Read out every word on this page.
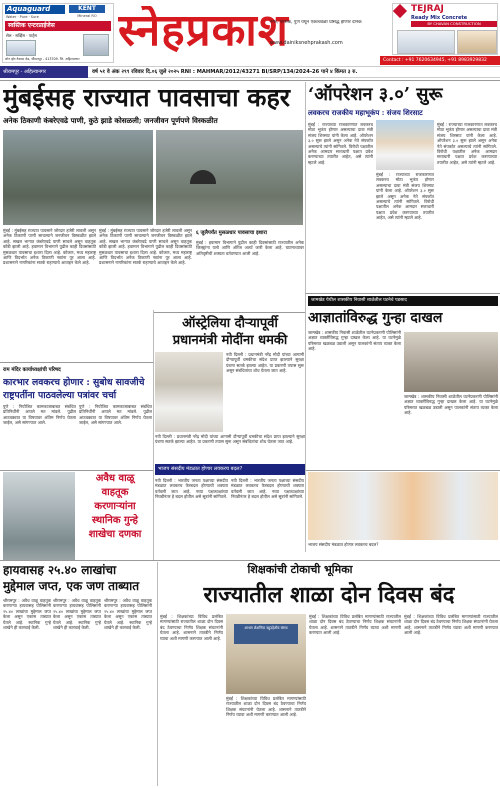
Aquaguard
Water · Pure · Sure
KENT
Mineral RO
स्वस्तिक एन्टरप्राईजेस
सेल · सर्व्हिस · पार्ट्स
लोन व्हॅन नेवासा रोड, श्रीरामपूर - 413709. जि. अहिल्यानगर
स्नेहप्रकाश
नगर, नाशिक, पुणे येथून एकाचवेळी प्रसिद्ध होणारे दैनिक
www.dainiksnehprakash.com
TEJRAJ
Ready Mix Concrete
BY CHAVAN CONSTRUCTION
Contact : +91 7620634945, +91 8983929832
श्रीरामपूर - अहिल्यानगर	वर्ष ५१ वे अंक २९९ रविवार दि.०६ जुले २०२५ RNI : MAHMAR/2012/43271 BI/SRP/134/2024-26 पाने ४ किंमत ३ रु.
मुंबईसह राज्यात पावसाचा कहर
अनेक ठिकाणी कंबरेएवढे पाणी, कुठे झाडे कोसळली; जनजीवन पूर्णपणे विस्कळीत
मुंबई : मुंबईसह राज्यात पावसाने जोरदार हजेरी लावली असून अनेक ठिकाणी पाणी साचल्याने जनजीवन विस्कळीत झाले आहे. सखल भागात कंबरेएवढे पाणी साचले असून वाहतूक कोंडी झाली आहे. हवामान विभागाने पुढील काही दिवसांसाठी मुसळधार पावसाचा इशारा दिला आहे. कोकण, मध्य महाराष्ट्र आणि विदर्भात अनेक ठिकाणी नद्यांना पूर आला आहे. प्रशासनाने नागरिकांना सतर्क राहण्याचे आवाहन केले आहे.
मुंबई : मुंबईसह राज्यात पावसाने जोरदार हजेरी लावली असून अनेक ठिकाणी पाणी साचल्याने जनजीवन विस्कळीत झाले आहे. सखल भागात कंबरेएवढे पाणी साचले असून वाहतूक कोंडी झाली आहे. हवामान विभागाने पुढील काही दिवसांसाठी मुसळधार पावसाचा इशारा दिला आहे. कोकण, मध्य महाराष्ट्र आणि विदर्भात अनेक ठिकाणी नद्यांना पूर आला आहे. प्रशासनाने नागरिकांना सतर्क राहण्याचे आवाहन केले आहे.
६ जुलैपर्यंत मुसळधार पावसाचा इशारा
मुंबई : हवामान विभागाने पुढील काही दिवसांसाठी राज्यातील अनेक जिल्ह्यांना यलो आणि ऑरेंज अलर्ट जारी केला आहे. घाटमाथ्यावर अतिवृष्टीची शक्यता वर्तवण्यात आली आहे.
‘ऑपरेशन ३.०’ सुरू
लवकरच राजकीय महाभूकंप : संजय शिरसाट
मुंबई : राज्याच्या राजकारणात लवकरच मोठा भूकंप होणार असल्याचा दावा मंत्री संजय शिरसाट यांनी केला आहे. ऑपरेशन ३.० सुरू झाले असून अनेक नेते संपर्कात असल्याचे त्यांनी सांगितले. विरोधी पक्षातील अनेक आमदार सत्ताधारी पक्षात प्रवेश करण्याच्या तयारीत आहेत, असे त्यांनी म्हटले आहे.
मुंबई : राज्याच्या राजकारणात लवकरच मोठा भूकंप होणार असल्याचा दावा मंत्री संजय शिरसाट यांनी केला आहे. ऑपरेशन ३.० सुरू झाले असून अनेक नेते संपर्कात असल्याचे त्यांनी सांगितले. विरोधी पक्षातील अनेक आमदार सत्ताधारी पक्षात प्रवेश करण्याच्या तयारीत आहेत, असे त्यांनी म्हटले आहे.
मुंबई : राज्याच्या राजकारणात लवकरच मोठा भूकंप होणार असल्याचा दावा मंत्री संजय शिरसाट यांनी केला आहे. ऑपरेशन ३.० सुरू झाले असून अनेक नेते संपर्कात असल्याचे त्यांनी सांगितले. विरोधी पक्षातील अनेक आमदार सत्ताधारी पक्षात प्रवेश करण्याच्या तयारीत आहेत, असे त्यांनी म्हटले आहे.
जामखेड येथील शासकीय निवासी शाळेतील घटनेचे पडसाद
आज्ञातांविरुद्ध गुन्हा दाखल
जामखेड : शासकीय निवासी शाळेतील घटनेप्रकरणी पोलिसांनी अज्ञात व्यक्तींविरुद्ध गुन्हा दाखल केला आहे. या घटनेमुळे परिसरात खळबळ उडाली असून पालकांनी संताप व्यक्त केला आहे.
जामखेड : शासकीय निवासी शाळेतील घटनेप्रकरणी पोलिसांनी अज्ञात व्यक्तींविरुद्ध गुन्हा दाखल केला आहे. या घटनेमुळे परिसरात खळबळ उडाली असून पालकांनी संताप व्यक्त केला आहे.
ऑस्ट्रेलिया दौऱ्यापूर्वी
प्रधानमंत्री मोदींना धमकी
नवी दिल्ली : प्रधानमंत्री नरेंद्र मोदी यांच्या आगामी दौऱ्यापूर्वी धमकीचा संदेश प्राप्त झाल्याने सुरक्षा यंत्रणा सतर्क झाल्या आहेत. या प्रकरणी तपास सुरू असून संबंधितांचा शोध घेतला जात आहे.
राम मंदिर कार्याध्यक्षांची परिषद
कारभार लवकरच होणार : सुबोध सावजीचे
राष्ट्रपतींना पाठवलेल्या पत्रांवर चर्चा
पुणे : नियोजित कामकाजाबाबत संबंधित प्रतिनिधींनी आपले मत मांडले. पुढील आठवड्यात या विषयावर अंतिम निर्णय घेतला जाईल, असे सांगण्यात आले.
पुणे : नियोजित कामकाजाबाबत संबंधित प्रतिनिधींनी आपले मत मांडले. पुढील आठवड्यात या विषयावर अंतिम निर्णय घेतला जाईल, असे सांगण्यात आले.
अवैध वाळू
वाहतूक
करणाऱ्यांना
स्थानिक गुन्हे
शाखेचा दणका
नवी दिल्ली : प्रधानमंत्री नरेंद्र मोदी यांच्या आगामी दौऱ्यापूर्वी धमकीचा संदेश प्राप्त झाल्याने सुरक्षा यंत्रणा सतर्क झाल्या आहेत. या प्रकरणी तपास सुरू असून संबंधितांचा शोध घेतला जात आहे.
भाजप संसदीय मंडळात होणार लवकरच बदल?
नवी दिल्ली : भारतीय जनता पक्षाच्या संसदीय मंडळात लवकरच फेरबदल होण्याची शक्यता वर्तवली जात आहे. नव्या पक्षाध्यक्षांच्या निवडीनंतर हे बदल होतील असे सूत्रांनी सांगितले.
नवी दिल्ली : भारतीय जनता पक्षाच्या संसदीय मंडळात लवकरच फेरबदल होण्याची शक्यता वर्तवली जात आहे. नव्या पक्षाध्यक्षांच्या निवडीनंतर हे बदल होतील असे सूत्रांनी सांगितले.
भाजप संसदीय मंडळात होणार लवकरच बदल?
हायवासह २५.४० लाखांचा
मुद्देमाल जप्त, एक जण ताब्यात
श्रीरामपूर : अवैध वाळू वाहतूक करणाऱ्या हायवासह पोलिसांनी २५.४० लाखांचा मुद्देमाल जप्त केला असून एकास ताब्यात घेतले आहे. स्थानिक गुन्हे शाखेने ही कारवाई केली.
श्रीरामपूर : अवैध वाळू वाहतूक करणाऱ्या हायवासह पोलिसांनी २५.४० लाखांचा मुद्देमाल जप्त केला असून एकास ताब्यात घेतले आहे. स्थानिक गुन्हे शाखेने ही कारवाई केली.
श्रीरामपूर : अवैध वाळू वाहतूक करणाऱ्या हायवासह पोलिसांनी २५.४० लाखांचा मुद्देमाल जप्त केला असून एकास ताब्यात घेतले आहे. स्थानिक गुन्हे शाखेने ही कारवाई केली.
शिक्षकांची टोकाची भूमिका
राज्यातील शाळा दोन दिवस बंद
मुंबई : शिक्षकांच्या विविध प्रलंबित मागण्यांसाठी राज्यातील शाळा दोन दिवस बंद ठेवण्याचा निर्णय शिक्षक संघटनांनी घेतला आहे. शासनाने तातडीने निर्णय घ्यावा अशी मागणी करण्यात आली आहे.
आश्रम शैक्षणिक बहुउद्देशीय संस्था
मुंबई : शिक्षकांच्या विविध प्रलंबित मागण्यांसाठी राज्यातील शाळा दोन दिवस बंद ठेवण्याचा निर्णय शिक्षक संघटनांनी घेतला आहे. शासनाने तातडीने निर्णय घ्यावा अशी मागणी करण्यात आली आहे.
मुंबई : शिक्षकांच्या विविध प्रलंबित मागण्यांसाठी राज्यातील शाळा दोन दिवस बंद ठेवण्याचा निर्णय शिक्षक संघटनांनी घेतला आहे. शासनाने तातडीने निर्णय घ्यावा अशी मागणी करण्यात आली आहे.
मुंबई : शिक्षकांच्या विविध प्रलंबित मागण्यांसाठी राज्यातील शाळा दोन दिवस बंद ठेवण्याचा निर्णय शिक्षक संघटनांनी घेतला आहे. शासनाने तातडीने निर्णय घ्यावा अशी मागणी करण्यात आली आहे.
